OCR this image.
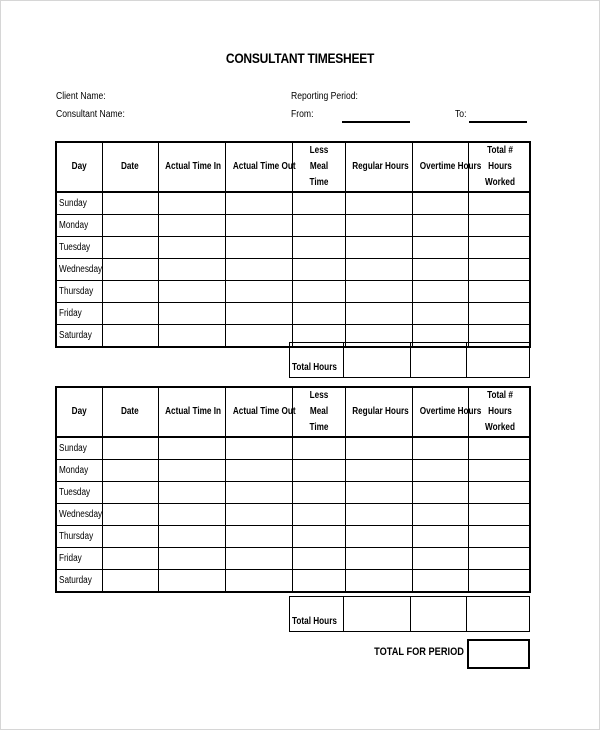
CONSULTANT TIMESHEET
Client Name:
Consultant Name:
Reporting Period:
From:	To:
Day	Date	Actual Time In	Actual Time Out	Less Meal Time	Regular Hours	Overtime Hours	Total # Hours Worked
Sunday							
Monday							
Tuesday							
Wednesday							
Thursday							
Friday							
Saturday							
Total Hours			
Day	Date	Actual Time In	Actual Time Out	Less Meal Time	Regular Hours	Overtime Hours	Total # Hours Worked
Sunday							
Monday							
Tuesday							
Wednesday							
Thursday							
Friday							
Saturday							
Total Hours			
TOTAL FOR PERIOD
